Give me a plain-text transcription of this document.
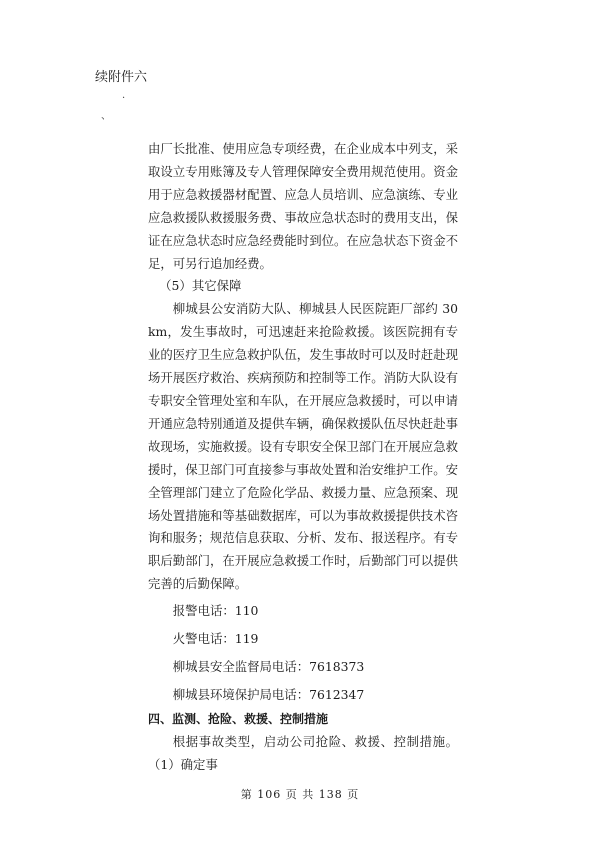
续附件六
·
、

由厂长批准、使用应急专项经费，在企业成本中列支，采取设立专用账簿及专人管理保障安全费用规范使用。资金用于应急救援器材配置、应急人员培训、应急演练、专业应急救援队救援服务费、事故应急状态时的费用支出，保证在应急状态时应急经费能时到位。在应急状态下资金不足，可另行追加经费。

（5）其它保障

柳城县公安消防大队、柳城县人民医院距厂部约 30 km，发生事故时，可迅速赶来抢险救援。该医院拥有专业的医疗卫生应急救护队伍，发生事故时可以及时赶赴现场开展医疗救治、疾病预防和控制等工作。消防大队设有专职安全管理处室和车队，在开展应急救援时，可以申请开通应急特别通道及提供车辆，确保救援队伍尽快赶赴事故现场，实施救援。设有专职安全保卫部门在开展应急救援时，保卫部门可直接参与事故处置和治安维护工作。安全管理部门建立了危险化学品、救援力量、应急预案、现场处置措施和等基础数据库，可以为事故救援提供技术咨询和服务；规范信息获取、分析、发布、报送程序。有专职后勤部门，在开展应急救援工作时，后勤部门可以提供完善的后勤保障。

报警电话：110

火警电话：119

柳城县安全监督局电话：7618373

柳城县环境保护局电话：7612347

四、监测、抢险、救援、控制措施

根据事故类型，启动公司抢险、救援、控制措施。（1）确定事

第 106 页 共 138 页
